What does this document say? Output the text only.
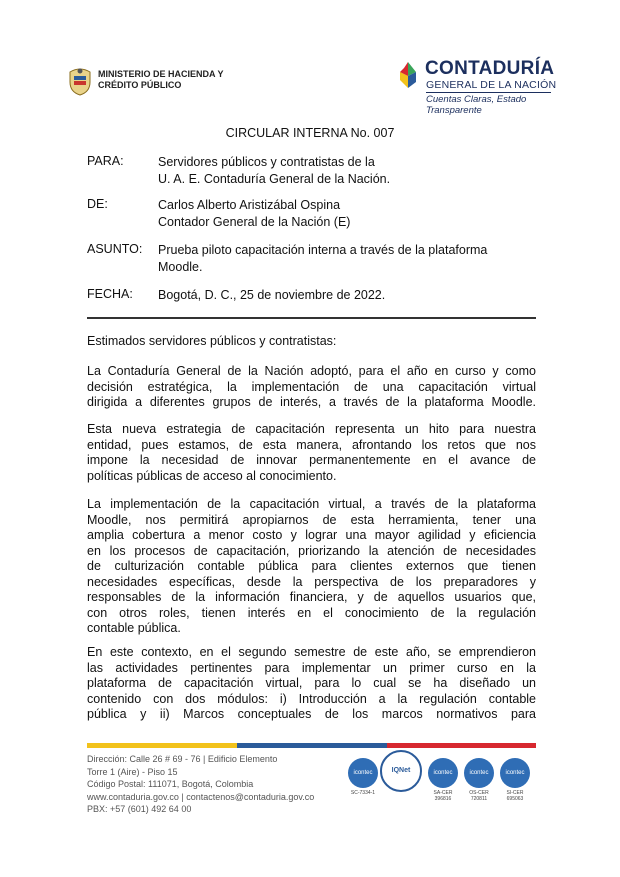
MINISTERIO DE HACIENDA Y
CRÉDITO PÚBLICO
CONTADURÍA
GENERAL DE LA NACIÓN
Cuentas Claras, Estado Transparente
CIRCULAR INTERNA No. 007
PARA:	Servidores públicos y contratistas de la
U. A. E. Contaduría General de la Nación.
DE:	Carlos Alberto Aristizábal Ospina
Contador General de la Nación (E)
ASUNTO: Prueba piloto capacitación interna a través de la plataforma
Moodle.
FECHA: Bogotá, D. C., 25 de noviembre de 2022.
Estimados servidores públicos y contratistas:
La Contaduría General de la Nación adoptó, para el año en curso y como
decisión estratégica, la implementación de una capacitación virtual
dirigida a diferentes grupos de interés, a través de la plataforma Moodle.
Esta nueva estrategia de capacitación representa un hito para nuestra
entidad, pues estamos, de esta manera, afrontando los retos que nos
impone la necesidad de innovar permanentemente en el avance de
políticas públicas de acceso al conocimiento.
La implementación de la capacitación virtual, a través de la plataforma
Moodle, nos permitirá apropiarnos de esta herramienta, tener una
amplia cobertura a menor costo y lograr una mayor agilidad y eficiencia
en los procesos de capacitación, priorizando la atención de necesidades
de culturización contable pública para clientes externos que tienen
necesidades específicas, desde la perspectiva de los preparadores y
responsables de la información financiera, y de aquellos usuarios que,
con otros roles, tienen interés en el conocimiento de la regulación
contable pública.
En este contexto, en el segundo semestre de este año, se emprendieron
las actividades pertinentes para implementar un primer curso en la
plataforma de capacitación virtual, para lo cual se ha diseñado un
contenido con dos módulos: i) Introducción a la regulación contable
pública y ii) Marcos conceptuales de los marcos normativos para
Dirección: Calle 26 # 69 - 76 | Edificio Elemento
Torre 1 (Aire) - Piso 15
Código Postal: 111071, Bogotá, Colombia
www.contaduria.gov.co | contactenos@contaduria.gov.co
PBX: +57 (601) 492 64 00
icontec
SC-7334-1
IQNet	icontec
SA-CER 396816
icontec
OS-CER 720811
icontec
SI-CER 695063
